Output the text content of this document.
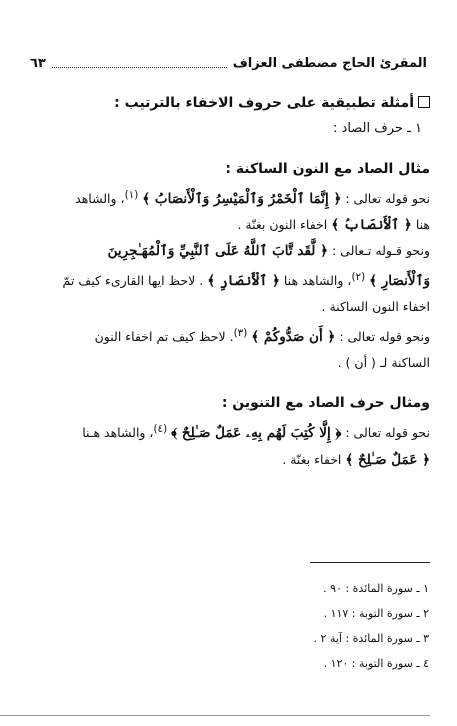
المقرئ الحاج مصطفى العزاف
٦٣
أمثلة تطبيقية على حروف الاخفاء بالترتيب :
١ ـ حرف الصاد :
مثال الصاد مع النون الساكنة :
نحو قوله تعالى : ﴿ إِنَّمَا ٱلْخَمْرُ وَٱلْمَيْسِرُ وَٱلْأَنصَابُ ﴾ $^{(١)}$، والشاهد
هنا ﴿ ٱلْأَنصَابُ ﴾ اخفاء النون بغنّة .
ونحو قـوله تـعالى : ﴿ لَّقَد تَّابَ ٱللَّهُ عَلَى ٱلنَّبِيِّ وَٱلْمُهَـٰجِرِينَ
وَٱلْأَنصَارِ ﴾ $^{(٢)}$، والشاهد هنا ﴿ ٱلْأَنصَارِ ﴾ . لاحظ ايها القارىء كيف تمّ
اخفاء النون الساكنة .
ونحو قوله تعالى : ﴿ أَن صَدُّوكُمْ ﴾ $^{(٣)}$. لاحظ كيف تم اخفاء النون
الساكنة لـ ( أن ) .
ومثال حرف الصاد مع التنوين :
نحو قوله تعالى : ﴿ إِلَّا كُتِبَ لَهُم بِهِۦ عَمَلٌ صَـٰلِحٌ ﴾ $^{(٤)}$، والشاهد هـنا
﴿ عَمَلٌ صَـٰلِحٌ ﴾ اخفاء بغنّة .
١ ـ سورة المائدة : ٩٠ .
٢ ـ سورة التوبة : ١١٧ .
٣ ـ سورة المائدة : آية ٢ .
٤ ـ سورة التوبة : ١٢٠ .
